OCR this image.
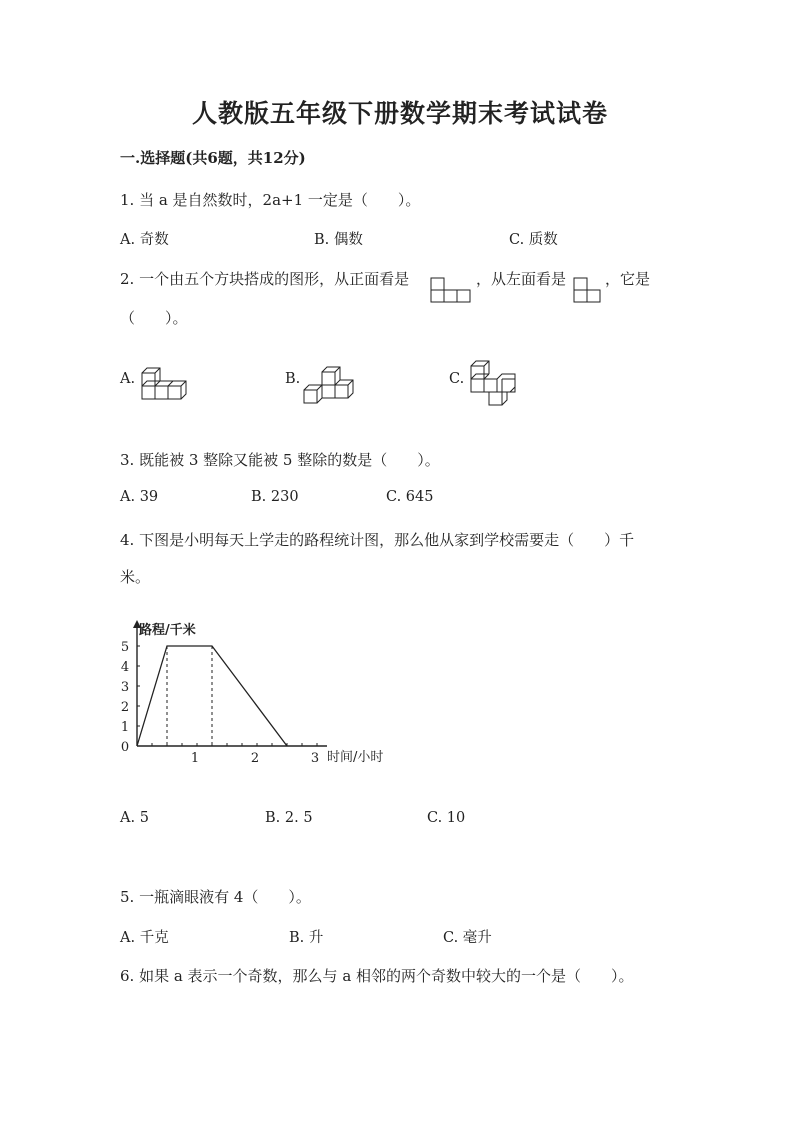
人教版五年级下册数学期末考试试卷
一.选择题(共6题，共12分)
1. 当 a 是自然数时，2a+1 一定是（　　）。
A. 奇数	B. 偶数	C. 质数
2. 一个由五个方块搭成的图形，从正面看是	，从左面看是	，它是
（　　）。
A.	B.	C.
3. 既能被 3 整除又能被 5 整除的数是（　　）。
A. 39	B. 230	C. 645
4. 下图是小明每天上学走的路程统计图，那么他从家到学校需要走（　　）千
米。
路程/千米
时间/小时
0
1
2
3
4
5
1	2	3
A. 5	B. 2. 5	C. 10
5. 一瓶滴眼液有 4（　　）。
A. 千克	B. 升	C. 毫升
6. 如果 a 表示一个奇数，那么与 a 相邻的两个奇数中较大的一个是（　　）。
